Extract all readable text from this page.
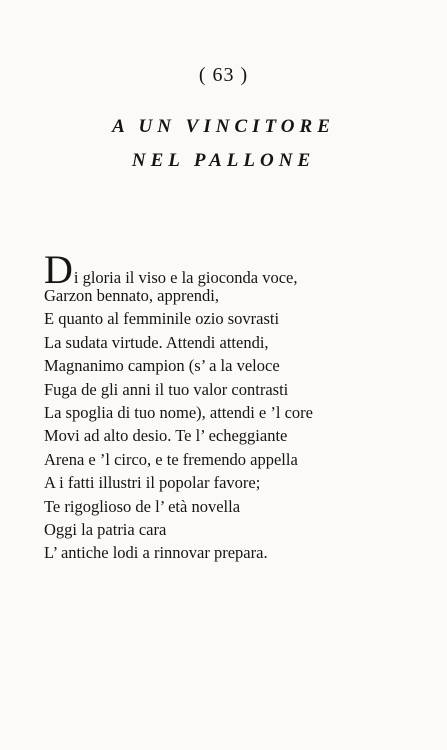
( 63 )
A UN VINCITORE
NEL PALLONE
Di gloria il viso e la gioconda voce,
Garzon bennato, apprendi,
E quanto al femminile ozio sovrasti
La sudata virtude. Attendi attendi,
Magnanimo campion (s’ a la veloce
Fuga de gli anni il tuo valor contrasti
La spoglia di tuo nome), attendi e ’l core
Movi ad alto desio. Te l’ echeggiante
Arena e ’l circo, e te fremendo appella
A i fatti illustri il popolar favore;
Te rigoglioso de l’ età novella
Oggi la patria cara
L’ antiche lodi a rinnovar prepara.
